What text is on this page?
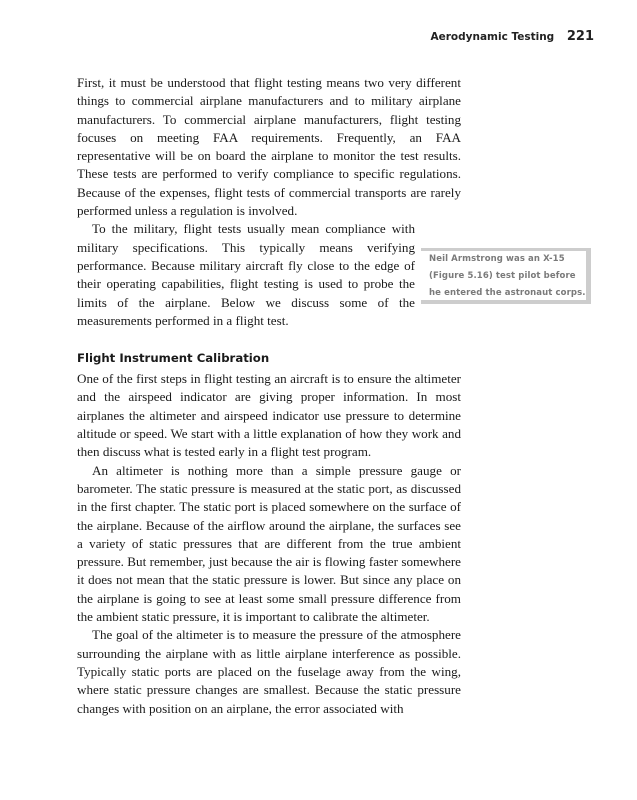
Aerodynamic Testing 221

First, it must be understood that flight testing means two very different things to commercial airplane manufacturers and to military airplane manufacturers. To commercial airplane manufacturers, flight testing focuses on meeting FAA requirements. Frequently, an FAA representative will be on board the airplane to monitor the test results. These tests are performed to verify compliance to specific regulations. Because of the expenses, flight tests of commercial transports are rarely performed unless a regulation is involved.

To the military, flight tests usually mean compliance with military specifications. This typically means verifying performance. Because military aircraft fly close to the edge of their operating capabilities, flight testing is used to probe the limits of the airplane. Below we discuss some of the measurements performed in a flight test.

Flight Instrument Calibration

One of the first steps in flight testing an aircraft is to ensure the altimeter and the airspeed indicator are giving proper information. In most airplanes the altimeter and airspeed indicator use pressure to determine altitude or speed. We start with a little explanation of how they work and then discuss what is tested early in a flight test program.

An altimeter is nothing more than a simple pressure gauge or barometer. The static pressure is measured at the static port, as discussed in the first chapter. The static port is placed somewhere on the surface of the airplane. Because of the airflow around the airplane, the surfaces see a variety of static pressures that are different from the true ambient pressure. But remember, just because the air is flowing faster somewhere it does not mean that the static pressure is lower. But since any place on the airplane is going to see at least some small pressure difference from the ambient static pressure, it is important to calibrate the altimeter.

The goal of the altimeter is to measure the pressure of the atmosphere surrounding the airplane with as little airplane interference as possible. Typically static ports are placed on the fuselage away from the wing, where static pressure changes are smallest. Because the static pressure changes with position on an airplane, the error associated with

Neil Armstrong was an X-15 (Figure 5.16) test pilot before he entered the astronaut corps.
